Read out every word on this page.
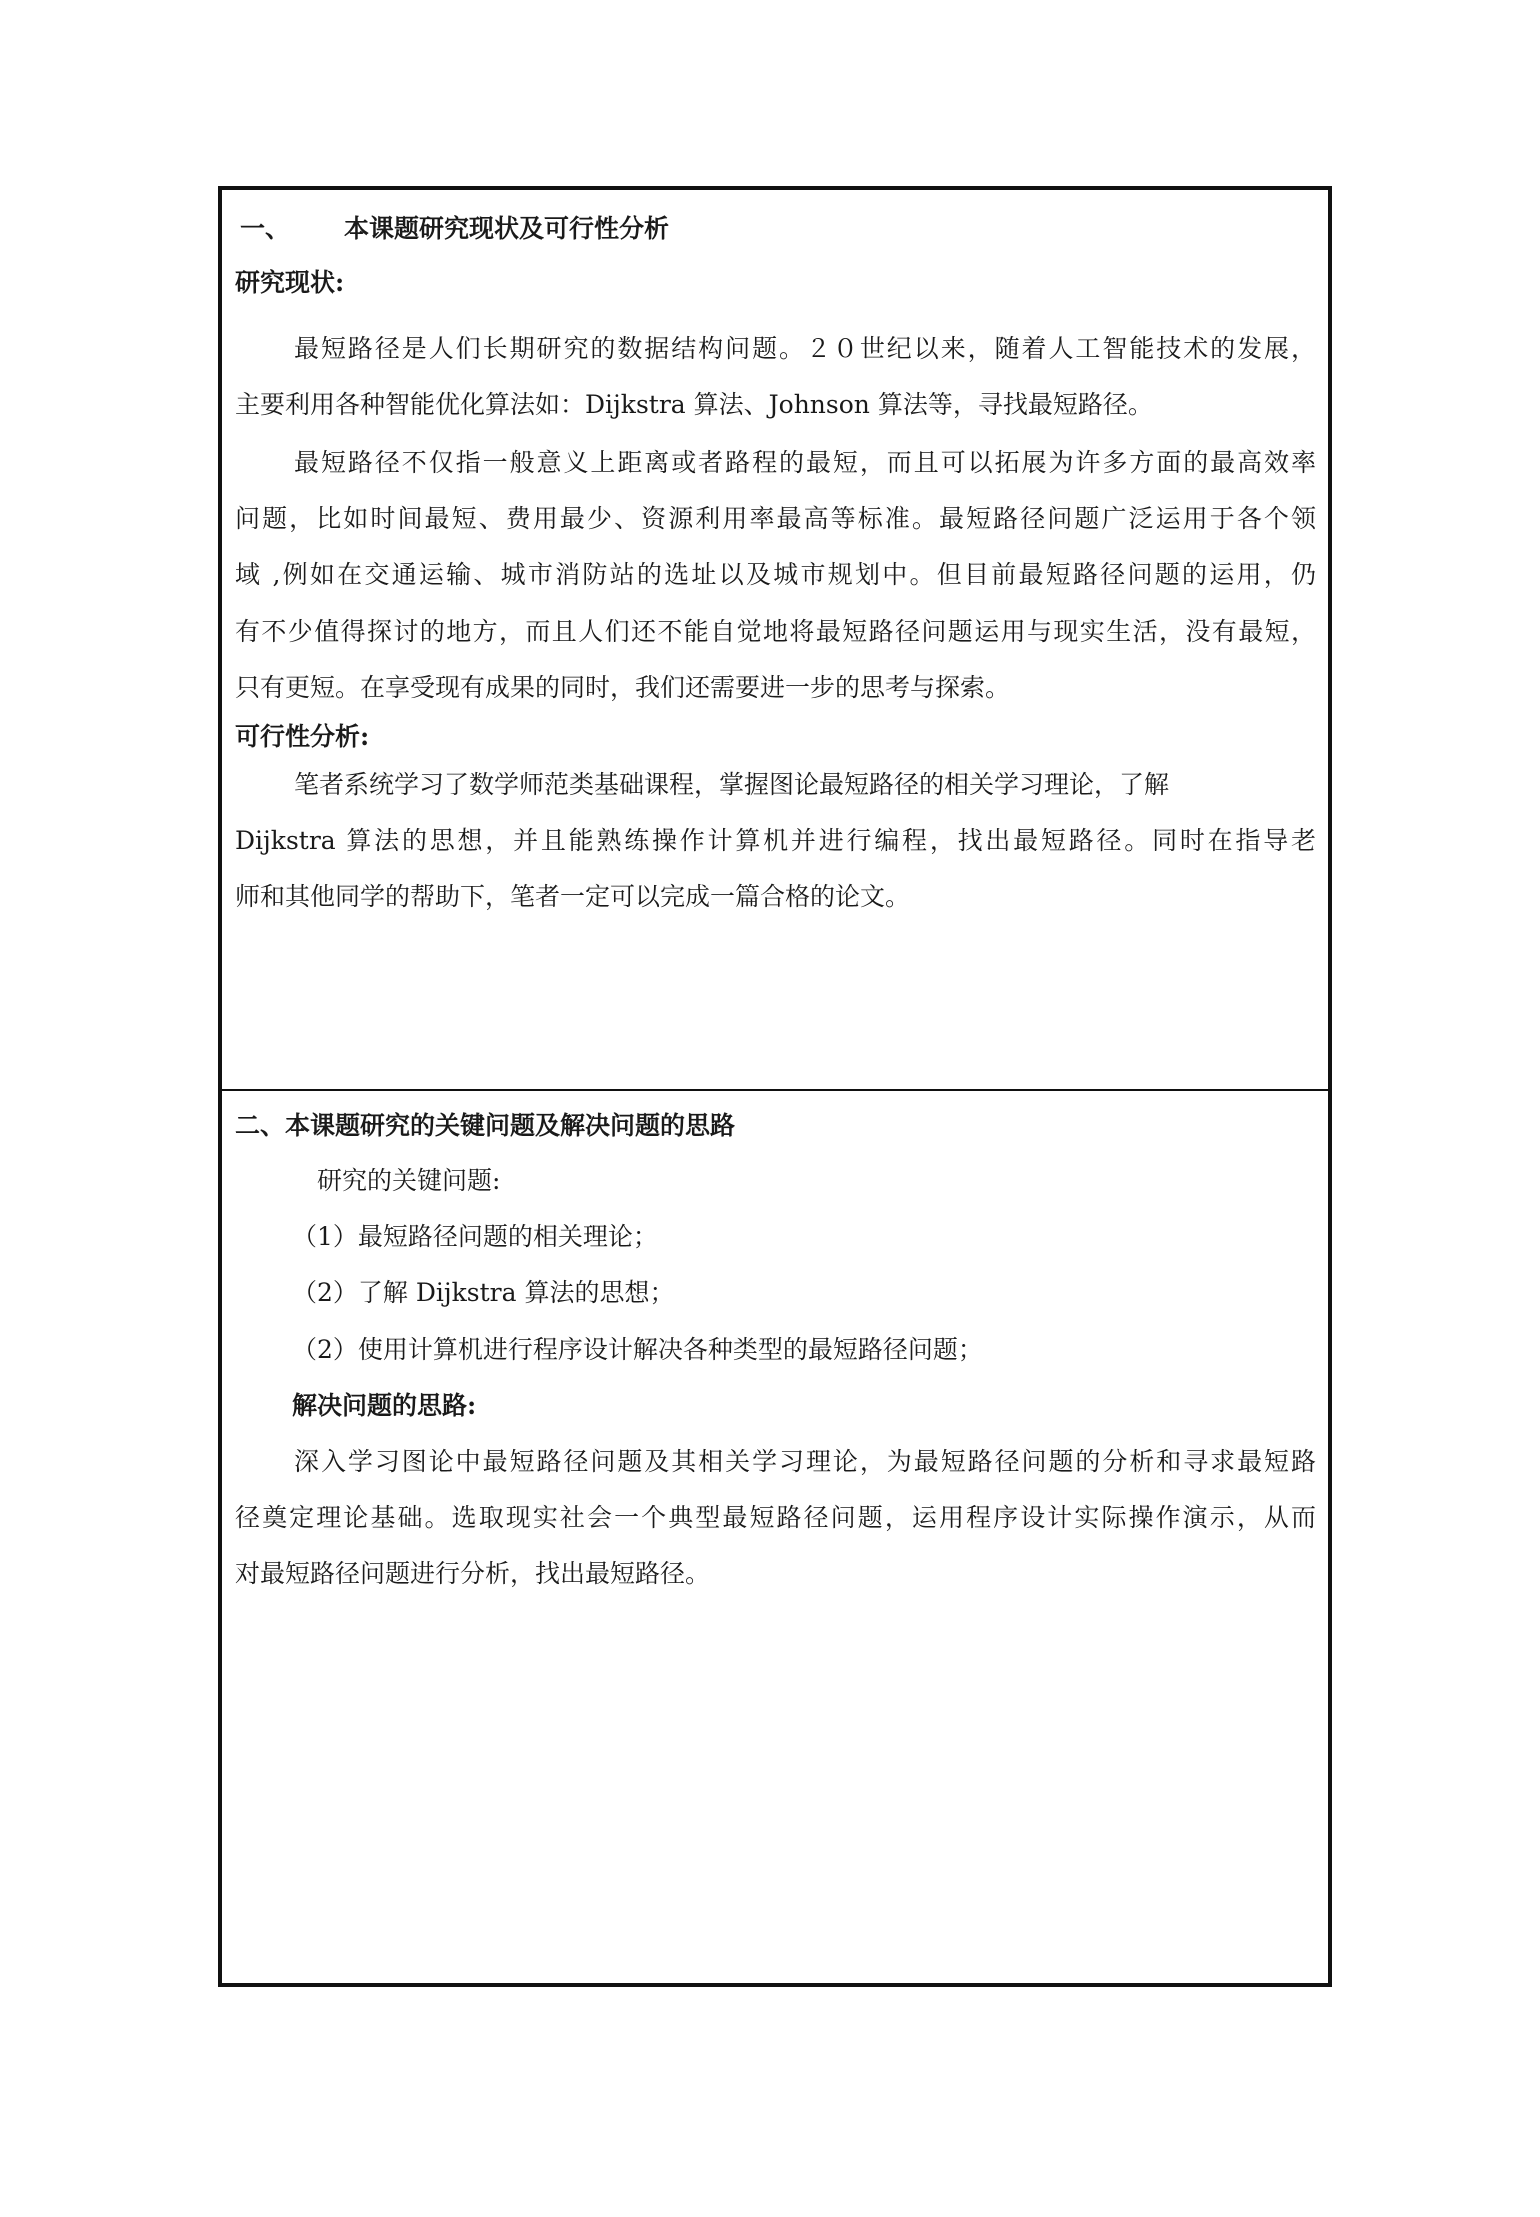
一、 本课题研究现状及可行性分析
研究现状:
最短路径是人们长期研究的数据结构问题。２０世纪以来，随着人工智能技术的发展，
主要利用各种智能优化算法如：Dijkstra 算法、Johnson 算法等，寻找最短路径。
最短路径不仅指一般意义上距离或者路程的最短，而且可以拓展为许多方面的最高效率
问题，比如时间最短、费用最少、资源利用率最高等标准。最短路径问题广泛运用于各个领
域 ,例如在交通运输、城市消防站的选址以及城市规划中。但目前最短路径问题的运用，仍
有不少值得探讨的地方，而且人们还不能自觉地将最短路径问题运用与现实生活，没有最短，
只有更短。在享受现有成果的同时，我们还需要进一步的思考与探索。
可行性分析:
笔者系统学习了数学师范类基础课程，掌握图论最短路径的相关学习理论，了解
Dijkstra 算法的思想，并且能熟练操作计算机并进行编程，找出最短路径。同时在指导老
师和其他同学的帮助下，笔者一定可以完成一篇合格的论文。
二、本课题研究的关键问题及解决问题的思路
研究的关键问题:
（1）最短路径问题的相关理论；
（2）了解 Dijkstra 算法的思想；
（2）使用计算机进行程序设计解决各种类型的最短路径问题；
解决问题的思路:
深入学习图论中最短路径问题及其相关学习理论，为最短路径问题的分析和寻求最短路
径奠定理论基础。选取现实社会一个典型最短路径问题，运用程序设计实际操作演示，从而
对最短路径问题进行分析，找出最短路径。
